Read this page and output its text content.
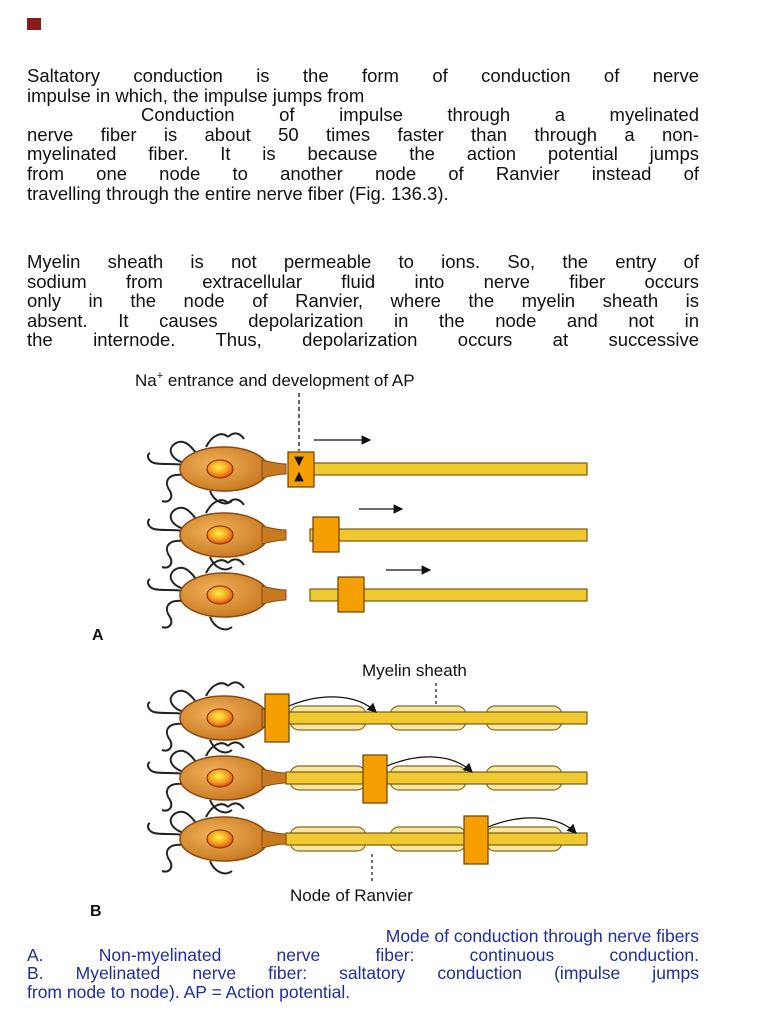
Saltatory conduction is the form of conduction of nerve
impulse in which, the impulse jumps from
Conduction of impulse through a myelinated
nerve fiber is about 50 times faster than through a non-
myelinated fiber. It is because the action potential jumps
from one node to another node of Ranvier instead of
travelling through the entire nerve fiber (Fig. 136.3).
Myelin sheath is not permeable to ions. So, the entry of
sodium from extracellular fluid into nerve fiber occurs
only in the node of Ranvier, where the myelin sheath is
absent. It causes depolarization in the node and not in
the internode. Thus, depolarization occurs at successive
Na+ entrance and development of AP
A
Myelin sheath
Node of Ranvier
B
Mode of conduction through nerve fibers
A. Non-myelinated nerve fiber: continuous conduction.
B. Myelinated nerve fiber: saltatory conduction (impulse jumps
from node to node). AP = Action potential.
